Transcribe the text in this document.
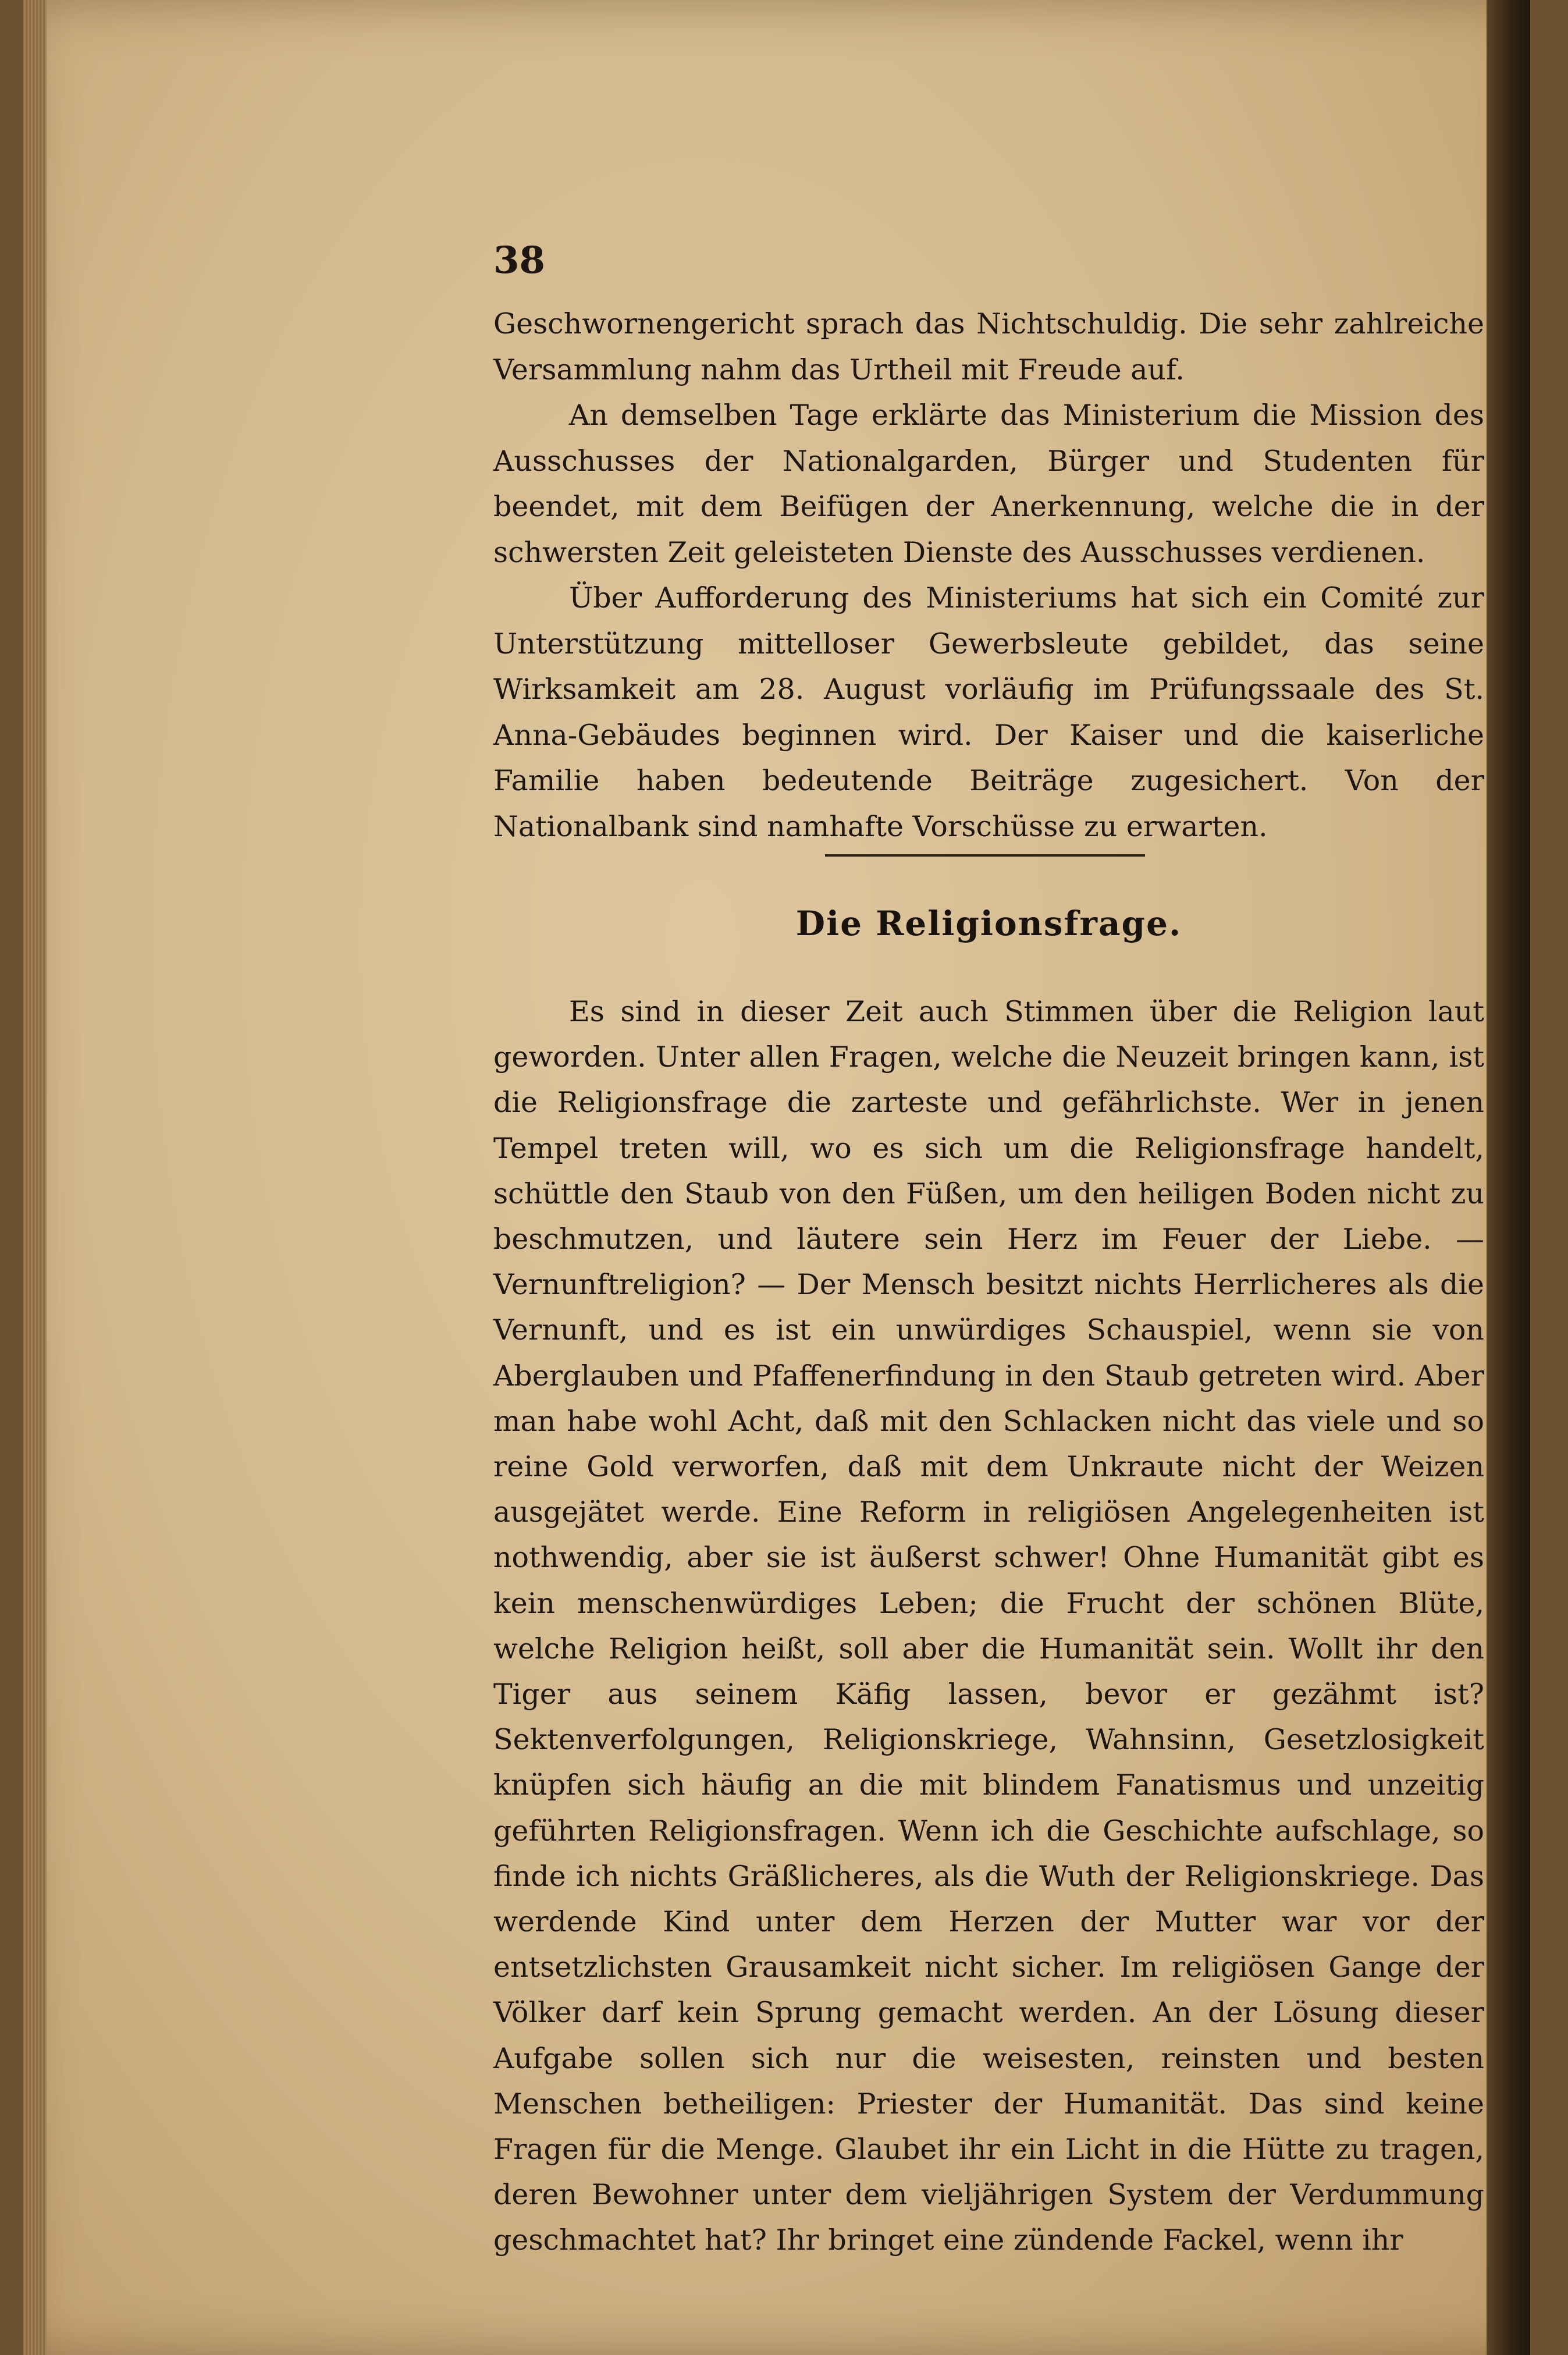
38

Geschwornengericht sprach das Nichtschuldig. Die sehr zahlreiche Versammlung nahm das Urtheil mit Freude auf.

An demselben Tage erklärte das Ministerium die Mission des Ausschusses der Nationalgarden, Bürger und Studenten für beendet, mit dem Beifügen der Anerkennung, welche die in der schwersten Zeit geleisteten Dienste des Ausschusses verdienen.

Über Aufforderung des Ministeriums hat sich ein Comité zur Unterstützung mittelloser Gewerbsleute gebildet, das seine Wirksamkeit am 28. August vorläufig im Prüfungssaale des St. Anna-Gebäudes beginnen wird. Der Kaiser und die kaiserliche Familie haben bedeutende Beiträge zugesichert. Von der Nationalbank sind namhafte Vorschüsse zu erwarten.

Die Religionsfrage.

Es sind in dieser Zeit auch Stimmen über die Religion laut geworden. Unter allen Fragen, welche die Neuzeit bringen kann, ist die Religionsfrage die zarteste und gefährlichste. Wer in jenen Tempel treten will, wo es sich um die Religionsfrage handelt, schüttle den Staub von den Füßen, um den heiligen Boden nicht zu beschmutzen, und läutere sein Herz im Feuer der Liebe. — Vernunftreligion? — Der Mensch besitzt nichts Herrlicheres als die Vernunft, und es ist ein unwürdiges Schauspiel, wenn sie von Aberglauben und Pfaffenerfindung in den Staub getreten wird. Aber man habe wohl Acht, daß mit den Schlacken nicht das viele und so reine Gold verworfen, daß mit dem Unkraute nicht der Weizen ausgejätet werde. Eine Reform in religiösen Angelegenheiten ist nothwendig, aber sie ist äußerst schwer! Ohne Humanität gibt es kein menschenwürdiges Leben; die Frucht der schönen Blüte, welche Religion heißt, soll aber die Humanität sein. Wollt ihr den Tiger aus seinem Käfig lassen, bevor er gezähmt ist? Sektenverfolgungen, Religionskriege, Wahnsinn, Gesetzlosigkeit knüpfen sich häufig an die mit blindem Fanatismus und unzeitig geführten Religionsfragen. Wenn ich die Geschichte aufschlage, so finde ich nichts Gräßlicheres, als die Wuth der Religionskriege. Das werdende Kind unter dem Herzen der Mutter war vor der entsetzlichsten Grausamkeit nicht sicher. Im religiösen Gange der Völker darf kein Sprung gemacht werden. An der Lösung dieser Aufgabe sollen sich nur die weisesten, reinsten und besten Menschen betheiligen: Priester der Humanität. Das sind keine Fragen für die Menge. Glaubet ihr ein Licht in die Hütte zu tragen, deren Bewohner unter dem vieljährigen System der Verdummung geschmachtet hat? Ihr bringet eine zündende Fackel, wenn ihr
